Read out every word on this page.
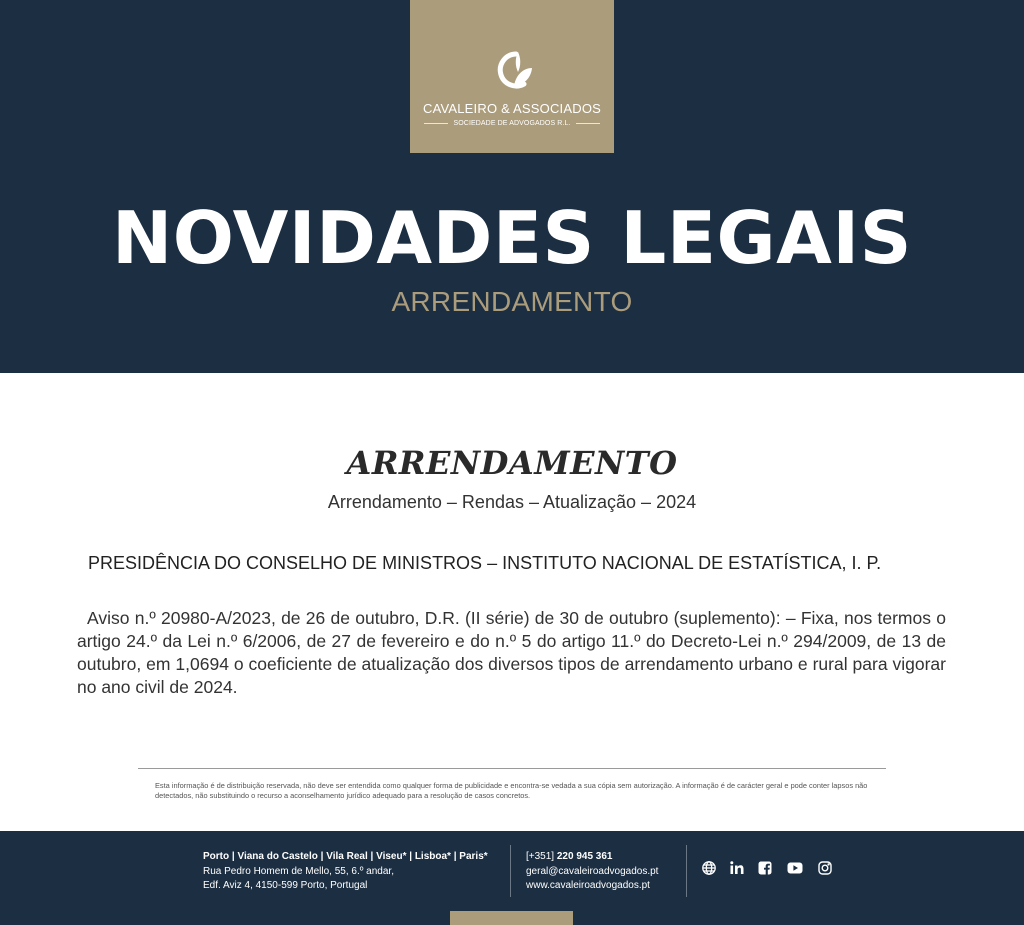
CAVALEIRO & ASSOCIADOS
SOCIEDADE DE ADVOGADOS R.L.
NOVIDADES LEGAIS
ARRENDAMENTO
ARRENDAMENTO
Arrendamento – Rendas – Atualização – 2024
PRESIDÊNCIA DO CONSELHO DE MINISTROS – INSTITUTO NACIONAL DE ESTATÍSTICA, I. P.
Aviso n.º 20980-A/2023, de 26 de outubro, D.R. (II série) de 30 de outubro (suplemento): – Fixa, nos termos o artigo 24.º da Lei n.º 6/2006, de 27 de fevereiro e do n.º 5 do artigo 11.º do Decreto-Lei n.º 294/2009, de 13 de outubro, em 1,0694 o coeficiente de atualização dos diversos tipos de arrendamento urbano e rural para vigorar no ano civil de 2024.
Esta informação é de distribuição reservada, não deve ser entendida como qualquer forma de publicidade e encontra-se vedada a sua cópia sem autorização. A informação é de carácter geral e pode conter lapsos não detectados, não substituindo o recurso a aconselhamento jurídico adequado para a resolução de casos concretos.
Porto | Viana do Castelo | Vila Real | Viseu* | Lisboa* | Paris*
Rua Pedro Homem de Mello, 55, 6.º andar,
Edf. Aviz 4, 4150-599 Porto, Portugal
[+351] 220 945 361
geral@cavaleiroadvogados.pt
www.cavaleiroadvogados.pt
